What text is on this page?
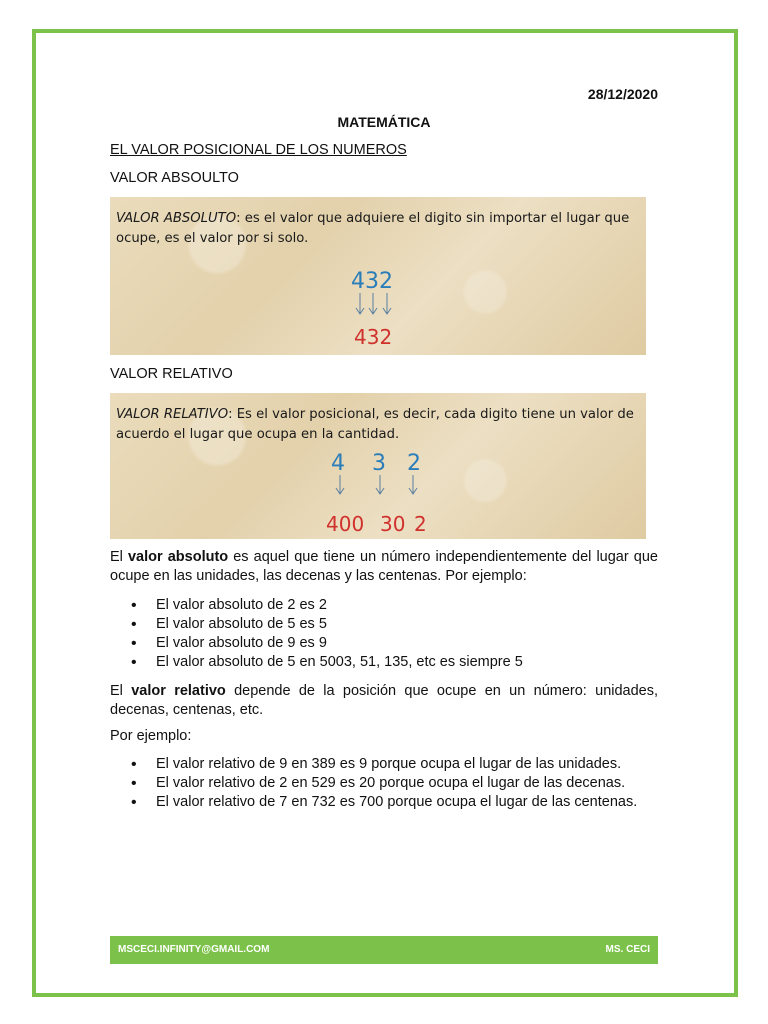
28/12/2020
MATEMÁTICA
EL VALOR POSICIONAL DE LOS NUMEROS
VALOR ABSOULTO
VALOR ABSOLUTO: es el valor que adquiere el digito sin importar el lugar que ocupe, es el valor por si solo.
432
432
VALOR RELATIVO
VALOR RELATIVO: Es el valor posicional, es decir, cada digito tiene un valor de acuerdo el lugar que ocupa en la cantidad.
4 3 2
400 30 2
El valor absoluto es aquel que tiene un número independientemente del lugar que ocupe en las unidades, las decenas y las centenas. Por ejemplo:
• El valor absoluto de 2 es 2
• El valor absoluto de 5 es 5
• El valor absoluto de 9 es 9
• El valor absoluto de 5 en 5003, 51, 135, etc es siempre 5
El valor relativo depende de la posición que ocupe en un número: unidades, decenas, centenas, etc.
Por ejemplo:
• El valor relativo de 9 en 389 es 9 porque ocupa el lugar de las unidades.
• El valor relativo de 2 en 529 es 20 porque ocupa el lugar de las decenas.
• El valor relativo de 7 en 732 es 700 porque ocupa el lugar de las centenas.
MSCECI.INFINITY@GMAIL.COM	MS. CECI
